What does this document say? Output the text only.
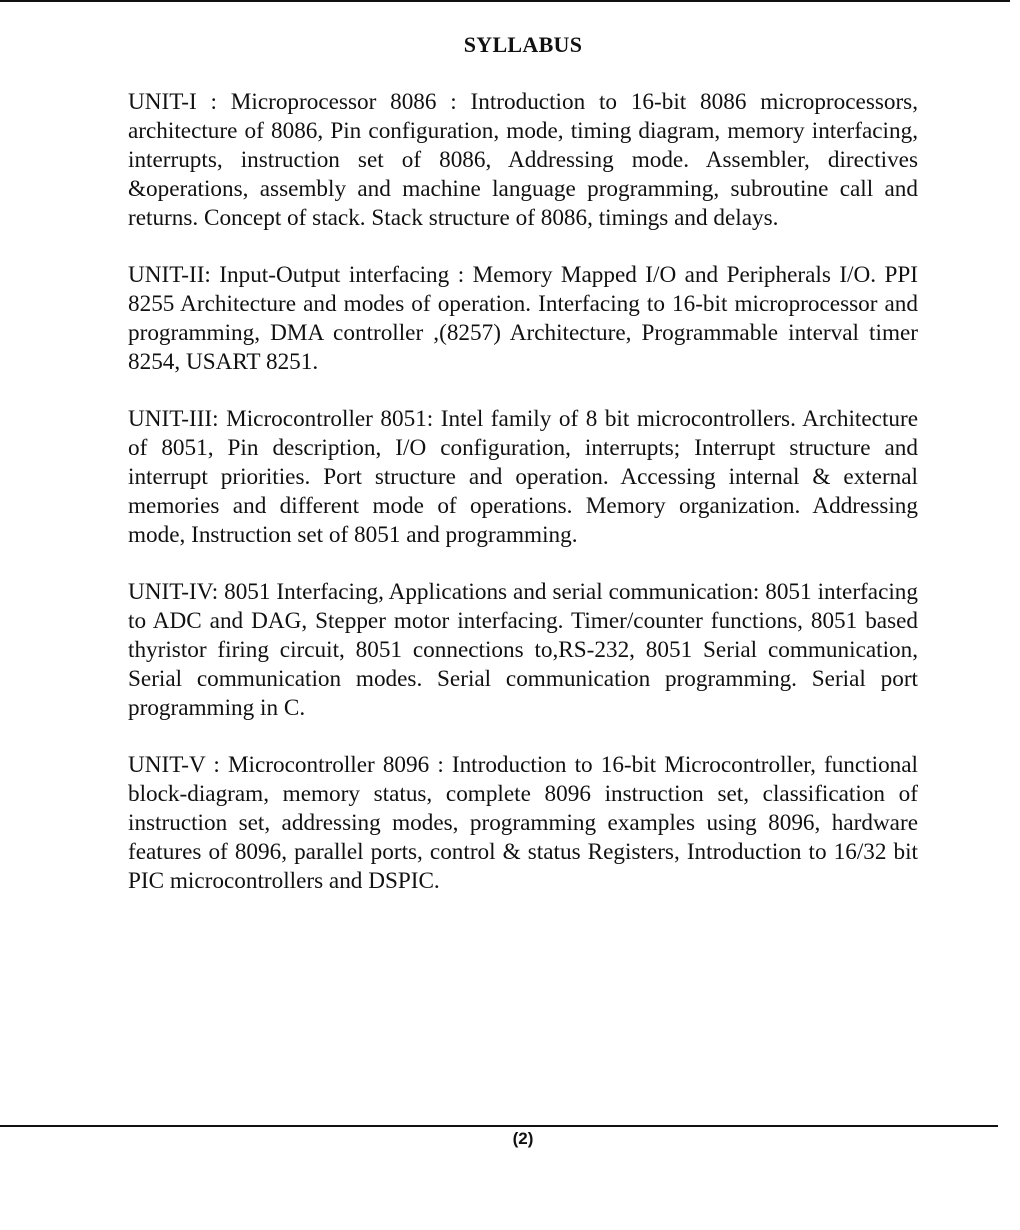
SYLLABUS

UNIT-I : Microprocessor 8086 : Introduction to 16-bit 8086 microprocessors, architecture of 8086, Pin configuration, mode, timing diagram, memory interfacing, interrupts, instruction set of 8086, Addressing mode. Assembler, directives &operations, assembly and machine language programming, subroutine call and returns. Concept of stack. Stack structure of 8086, timings and delays.

UNIT-II: Input-Output interfacing : Memory Mapped I/O and Peripherals I/O. PPI 8255 Architecture and modes of operation. Interfacing to 16-bit microprocessor and programming, DMA controller ,(8257) Architecture, Programmable interval timer 8254, USART 8251.

UNIT-III: Microcontroller 8051: Intel family of 8 bit microcontrollers. Architecture of 8051, Pin description, I/O configuration, interrupts; Interrupt structure and interrupt priorities. Port structure and operation. Accessing internal & external memories and different mode of operations. Memory organization. Addressing mode, Instruction set of 8051 and programming.

UNIT-IV: 8051 Interfacing, Applications and serial communication: 8051 interfacing to ADC and DAG, Stepper motor interfacing. Timer/counter functions, 8051 based thyristor firing circuit, 8051 connections to,RS-232, 8051 Serial communication, Serial communication modes. Serial communication programming. Serial port programming in C.

UNIT-V : Microcontroller 8096 : Introduction to 16-bit Microcontroller, functional block-diagram, memory status, complete 8096 instruction set, classification of instruction set, addressing modes, programming examples using 8096, hardware features of 8096, parallel ports, control & status Registers, Introduction to 16/32 bit PIC microcontrollers and DSPIC.

(2)
